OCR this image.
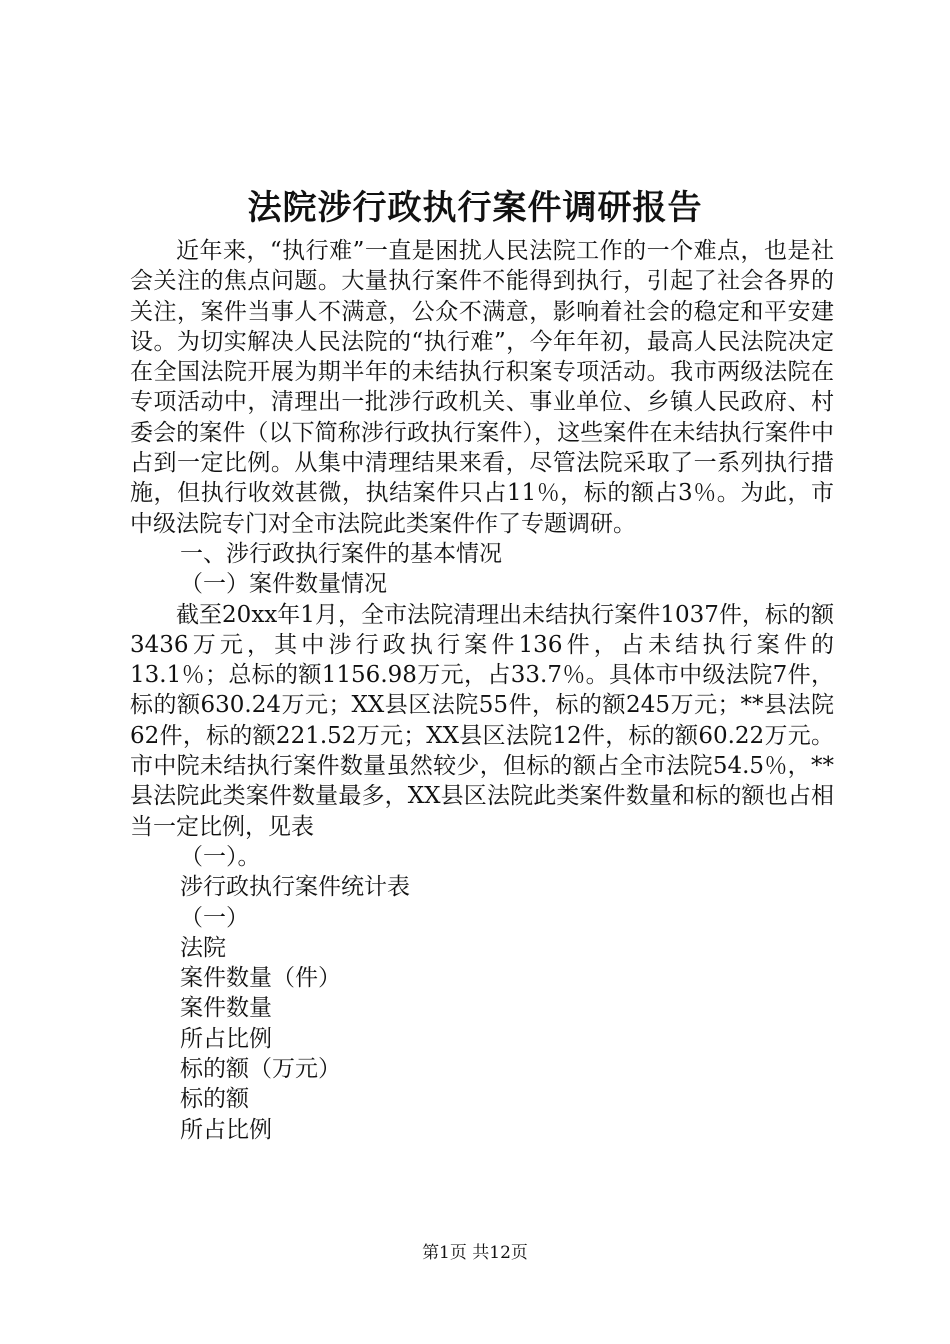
法院涉行政执行案件调研报告

近年来，“执行难”一直是困扰人民法院工作的一个难点，也是社会关注的焦点问题。大量执行案件不能得到执行，引起了社会各界的关注，案件当事人不满意，公众不满意，影响着社会的稳定和平安建设。为切实解决人民法院的“执行难”，今年年初，最高人民法院决定在全国法院开展为期半年的未结执行积案专项活动。我市两级法院在专项活动中，清理出一批涉行政机关、事业单位、乡镇人民政府、村委会的案件（以下简称涉行政执行案件），这些案件在未结执行案件中占到一定比例。从集中清理结果来看，尽管法院采取了一系列执行措施，但执行收效甚微，执结案件只占11％，标的额占3％。为此，市中级法院专门对全市法院此类案件作了专题调研。

一、涉行政执行案件的基本情况

（一）案件数量情况

截至20xx年1月，全市法院清理出未结执行案件1037件，标的额3436万元，其中涉行政执行案件136件，占未结执行案件的13.1％；总标的额1156.98万元，占33.7％。具体市中级法院7件，标的额630.24万元；XX县区法院55件，标的额245万元；**县法院62件，标的额221.52万元；XX县区法院12件，标的额60.22万元。市中院未结执行案件数量虽然较少，但标的额占全市法院54.5％，**县法院此类案件数量最多，XX县区法院此类案件数量和标的额也占相当一定比例，见表

（一）。

涉行政执行案件统计表

（一）

法院

案件数量（件）

案件数量

所占比例

标的额（万元）

标的额

所占比例

第1页 共12页
